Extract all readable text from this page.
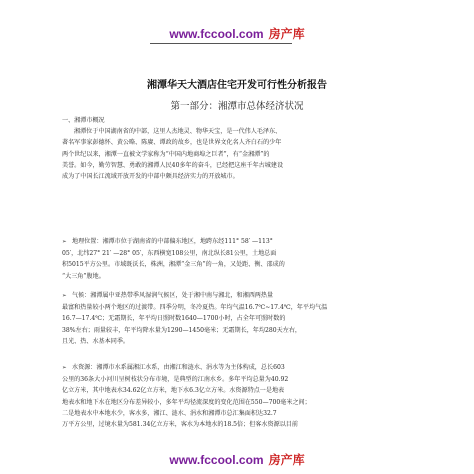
www.fccool.com 房产库
湘潭华天大酒店住宅开发可行性分析报告
第一部分：湘潭市总体经济状况
一、湘潭市概况
湘潭位于中国湖南省的中部，这里人杰地灵、物华天宝，是一代伟人毛泽东、
著名军事家彭德怀、黄公略、陈赓、谭政的故乡，也是世界文化名人齐白石的少年
两个世纪以来，湘潭一直被文学家称为“中国内地商埠之巨者”，有“金湘潭”的
美誉。如今，勤劳智慧、勇敢的湘潭人民40多年的奋斗，已经把这座千年古城建设
成为了中国长江流域开放开发的中部中颇具经济实力的开放城市。
➢ 地理位置：湘潭市位于湖南省的中部偏东地区，地跨东经111° 58′ —113°
05′，北纬27° 21′ —28° 05′，东西横宽108公里，南北纵长81公里，土地总面
积5015平方公里。市域既沃长，株洲，湘潭“金三角”的一角，又处距、衡、邵成的
“大三角”腹地。
➢ 气候：湘潭属中亚热带季风湿润气候区，处于湘中南与湘北，和湘西两热量
最富和热量较小两个地区的过渡带。四季分明，冬冷夏热。年均气温16.7℃~17.4℃，年平均气温
16.7—17.4℃；无霜期长，年平均日照时数1640—1700小时，占全年可照时数的
38%左右；雨量较丰，年平均降水量为1290—1450毫米；无霜期长，年均280天左右，
且光、热、水基本同季。
➢ 水资源：湘潭市水系属湘江水系，由湘江和涟水、涓水等为主体构成，总长603
公里的36条大小河川呈树枝状分布市境，是典型的江南水乡。多年平均总量为40.92
亿立方米，其中地表水34.62亿立方米，地下水6.3亿立方米。水资源特点一是地表
地表水和地下水在地区分布差异较小，多年平均径流深度的变化范围在550—700毫米之间；
二是地表水中本地水少，客水多，湘江、涟水、涓水和湘潭市总汇集面积达32.7
万平方公里，过境水量为581.34亿立方米，客水为本地水的18.5倍；但客水资源以目前
www.fccool.com 房产库
